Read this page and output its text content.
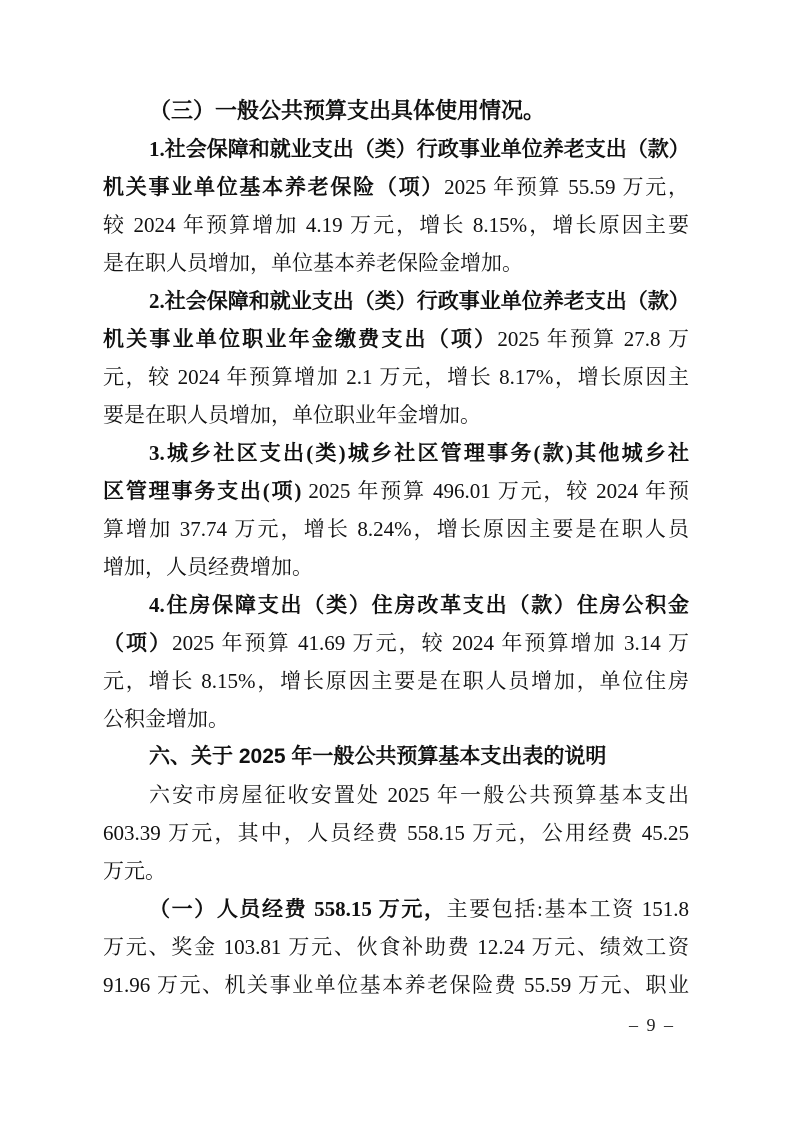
（三）一般公共预算支出具体使用情况。
1.社会保障和就业支出（类）行政事业单位养老支出（款）
机关事业单位基本养老保险（项）2025 年预算 55.59 万元，
较 2024 年预算增加 4.19 万元，增长 8.15%，增长原因主要
是在职人员增加，单位基本养老保险金增加。
2.社会保障和就业支出（类）行政事业单位养老支出（款）
机关事业单位职业年金缴费支出（项）2025 年预算 27.8 万
元，较 2024 年预算增加 2.1 万元，增长 8.17%，增长原因主
要是在职人员增加，单位职业年金增加。
3.城乡社区支出(类)城乡社区管理事务(款)其他城乡社
区管理事务支出(项) 2025 年预算 496.01 万元，较 2024 年预
算增加 37.74 万元，增长 8.24%，增长原因主要是在职人员
增加，人员经费增加。
4.住房保障支出（类）住房改革支出（款）住房公积金
（项）2025 年预算 41.69 万元，较 2024 年预算增加 3.14 万
元，增长 8.15%，增长原因主要是在职人员增加，单位住房
公积金增加。
六、关于 2025 年一般公共预算基本支出表的说明
六安市房屋征收安置处 2025 年一般公共预算基本支出
603.39 万元，其中，人员经费 558.15 万元，公用经费 45.25
万元。
（一）人员经费 558.15 万元，主要包括:基本工资 151.8
万元、奖金 103.81 万元、伙食补助费 12.24 万元、绩效工资
91.96 万元、机关事业单位基本养老保险费 55.59 万元、职业
– 9 –
